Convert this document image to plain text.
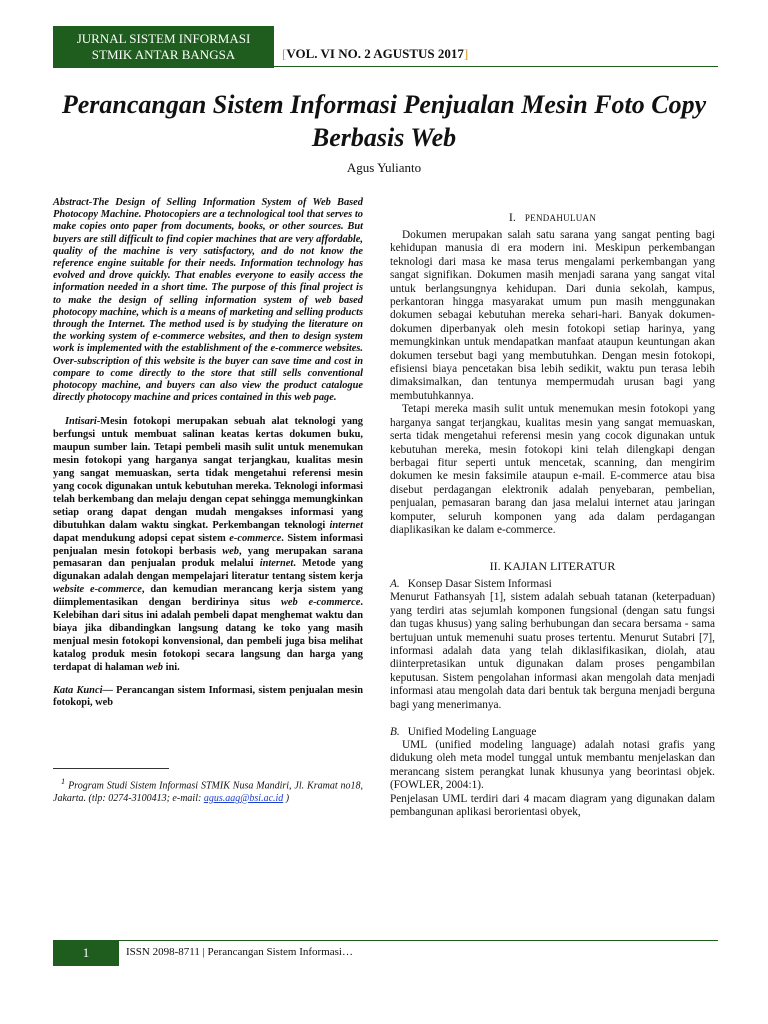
JURNAL SISTEM INFORMASI
STMIK ANTAR BANGSA	[VOL. VI NO. 2 AGUSTUS 2017]
Perancangan Sistem Informasi Penjualan Mesin Foto Copy Berbasis Web
Agus Yulianto

Abstract-The Design of Selling Information System of Web Based Photocopy Machine. Photocopiers are a technological tool that serves to make copies onto paper from documents, books, or other sources. But buyers are still difficult to find copier machines that are very affordable, quality of the machine is very satisfactory, and do not know the reference engine suitable for their needs. Information technology has evolved and drove quickly. That enables everyone to easily access the information needed in a short time. The purpose of this final project is to make the design of selling information system of web based photocopy machine, which is a means of marketing and selling products through the Internet. The method used is by studying the literature on the working system of e-commerce websites, and then to design system work is implemented with the establishment of the e-commerce websites. Over-subscription of this website is the buyer can save time and cost in compare to come directly to the store that still sells conventional photocopy machine, and buyers can also view the product catalogue directly photocopy machine and prices contained in this web page.

Intisari-Mesin fotokopi merupakan sebuah alat teknologi yang berfungsi untuk membuat salinan keatas kertas dokumen buku, maupun sumber lain. Tetapi pembeli masih sulit untuk menemukan mesin fotokopi yang harganya sangat terjangkau, kualitas mesin yang sangat memuaskan, serta tidak mengetahui referensi mesin yang cocok digunakan untuk kebutuhan mereka. Teknologi informasi telah berkembang dan melaju dengan cepat sehingga memungkinkan setiap orang dapat dengan mudah mengakses informasi yang dibutuhkan dalam waktu singkat. Perkembangan teknologi internet dapat mendukung adopsi cepat sistem e-commerce. Sistem informasi penjualan mesin fotokopi berbasis web, yang merupakan sarana pemasaran dan penjualan produk melalui internet. Metode yang digunakan adalah dengan mempelajari literatur tentang sistem kerja website e-commerce, dan kemudian merancang kerja sistem yang diimplementasikan dengan berdirinya situs web e-commerce. Kelebihan dari situs ini adalah pembeli dapat menghemat waktu dan biaya jika dibandingkan langsung datang ke toko yang masih menjual mesin fotokopi konvensional, dan pembeli juga bisa melihat katalog produk mesin fotokopi secara langsung dan harga yang terdapat di halaman web ini.

Kata Kunci— Perancangan sistem Informasi, sistem penjualan mesin fotokopi, web

$^1$ Program Studi Sistem Informasi STMIK Nusa Mandiri, Jl. Kramat no18, Jakarta. (tlp: 0274-3100413; e-mail: agus.aag@bsi.ac.id )
I. PENDAHULUAN

Dokumen merupakan salah satu sarana yang sangat penting bagi kehidupan manusia di era modern ini. Meskipun perkembangan teknologi dari masa ke masa terus mengalami perkembangan yang sangat signifikan. Dokumen masih menjadi sarana yang sangat vital untuk berlangsungnya kehidupan. Dari dunia sekolah, kampus, perkantoran hingga masyarakat umum pun masih menggunakan dokumen sebagai kebutuhan mereka sehari-hari. Banyak dokumen-dokumen diperbanyak oleh mesin fotokopi setiap harinya, yang memungkinkan untuk mendapatkan manfaat ataupun keuntungan akan dokumen tersebut bagi yang membutuhkan. Dengan mesin fotokopi, efisiensi biaya pencetakan bisa lebih sedikit, waktu pun terasa lebih dimaksimalkan, dan tentunya mempermudah urusan bagi yang membutuhkannya.

Tetapi mereka masih sulit untuk menemukan mesin fotokopi yang harganya sangat terjangkau, kualitas mesin yang sangat memuaskan, serta tidak mengetahui referensi mesin yang cocok digunakan untuk kebutuhan mereka, mesin fotokopi kini telah dilengkapi dengan berbagai fitur seperti untuk mencetak, scanning, dan mengirim dokumen ke mesin faksimile ataupun e-mail. E-commerce atau bisa disebut perdagangan elektronik adalah penyebaran, pembelian, penjualan, pemasaran barang dan jasa melalui internet atau jaringan komputer, seluruh komponen yang ada dalam perdagangan diaplikasikan ke dalam e-commerce.

II. KAJIAN LITERATUR
A. Konsep Dasar Sistem Informasi

Menurut Fathansyah [1], sistem adalah sebuah tatanan (keterpaduan) yang terdiri atas sejumlah komponen fungsional (dengan satu fungsi dan tugas khusus) yang saling berhubungan dan secara bersama - sama bertujuan untuk memenuhi suatu proses tertentu. Menurut Sutabri [7], informasi adalah data yang telah diklasifikasikan, diolah, atau diinterpretasikan untuk digunakan dalam proses pengambilan keputusan. Sistem pengolahan informasi akan mengolah data menjadi informasi atau mengolah data dari bentuk tak berguna menjadi berguna bagi yang menerimanya.

B. Unified Modeling Language

UML (unified modeling language) adalah notasi grafis yang didukung oleh meta model tunggal untuk membantu menjelaskan dan merancang sistem perangkat lunak khusunya yang beorintasi objek. (FOWLER, 2004:1).

Penjelasan UML terdiri dari 4 macam diagram yang digunakan dalam pembangunan aplikasi berorientasi obyek,

1	ISSN 2098-8711 | Perancangan Sistem Informasi…
